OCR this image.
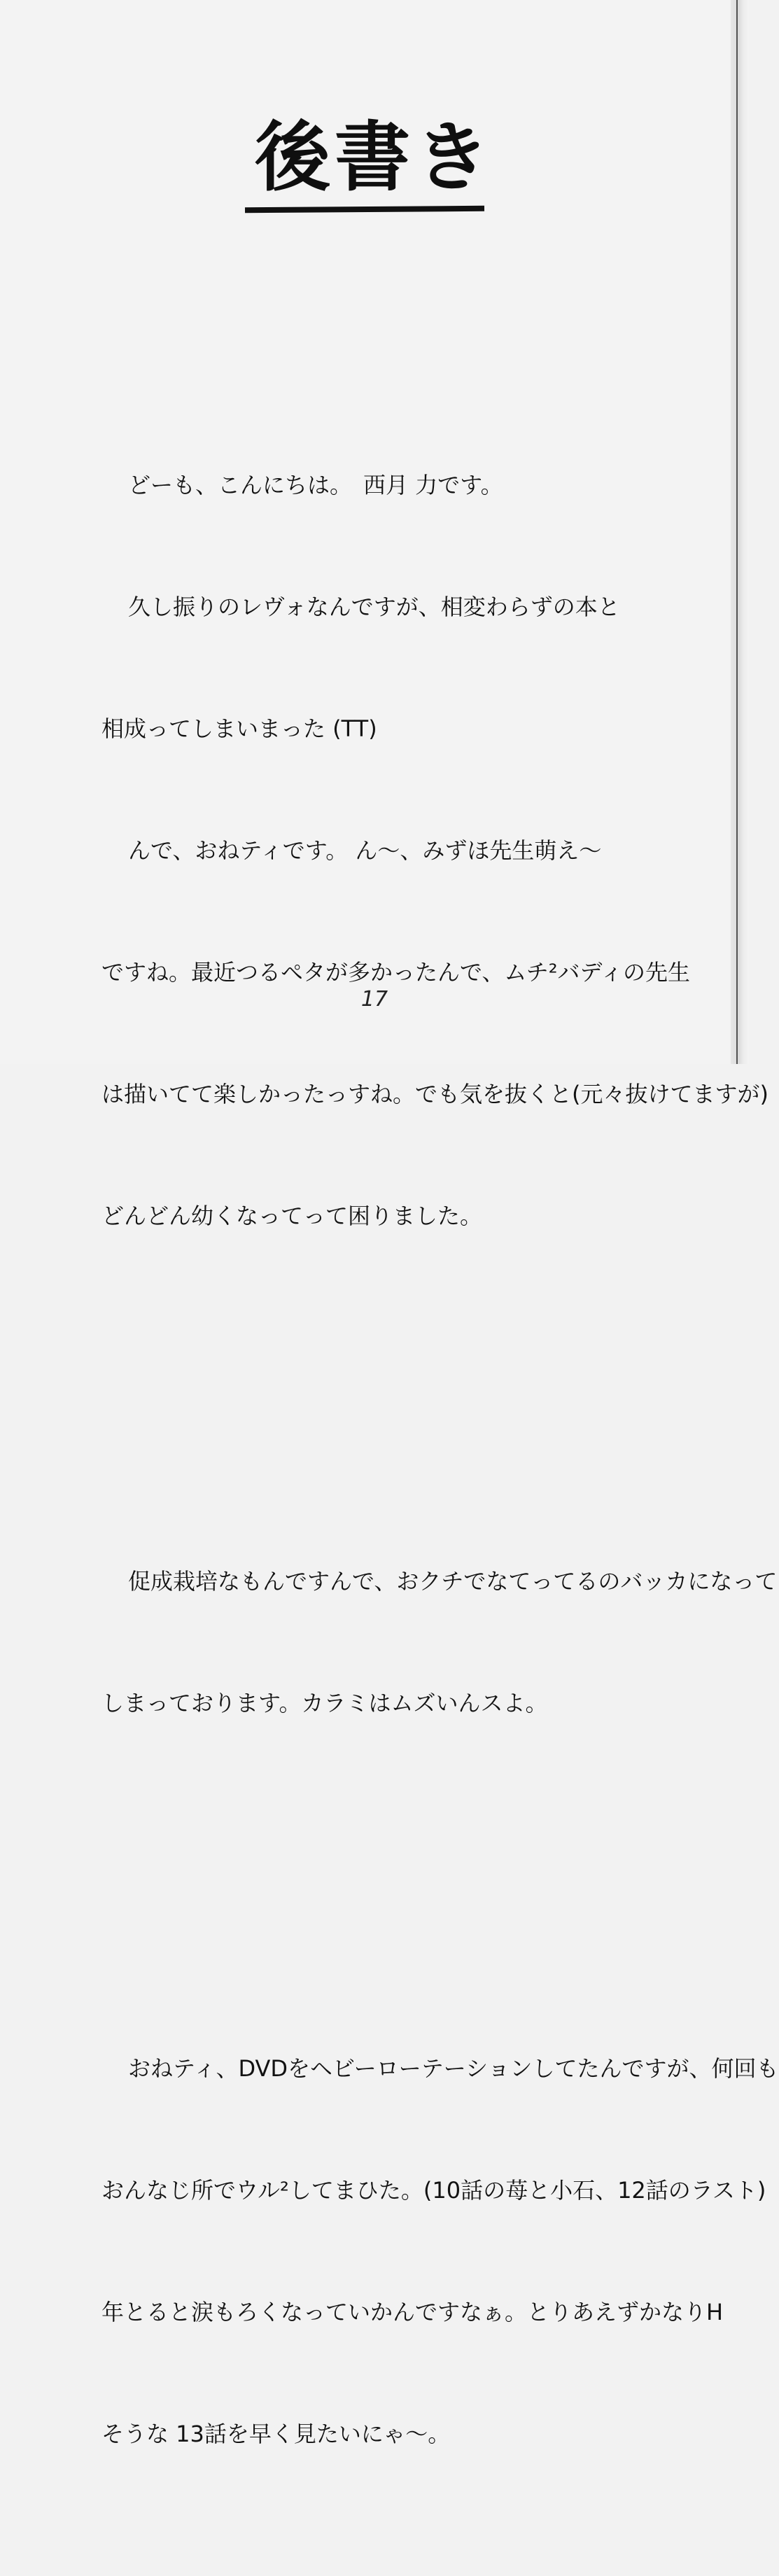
後書き

どーも、こんにちは。　西月 力です。

久し振りのレヴォなんですが、相変わらずの本と

相成ってしまいまった (TT)

んで、おねティです。 ん～、みずほ先生萌え～

ですね。最近つるペタが多かったんで、ムチ²バディの先生

は描いてて楽しかったっすね。でも気を抜くと(元々抜けてますが)

どんどん幼くなってって困りました。

促成栽培なもんですんで、おクチでなてってるのバッカになって

しまっております。カラミはムズいんスよ。

おねティ、DVDをヘビーローテーションしてたんですが、何回も

おんなじ所でウル²してまひた。(10話の苺と小石、12話のラスト)

年とると涙もろくなっていかんですなぁ。とりあえずかなりH

そうな 13話を早く見たいにゃ～。

17
